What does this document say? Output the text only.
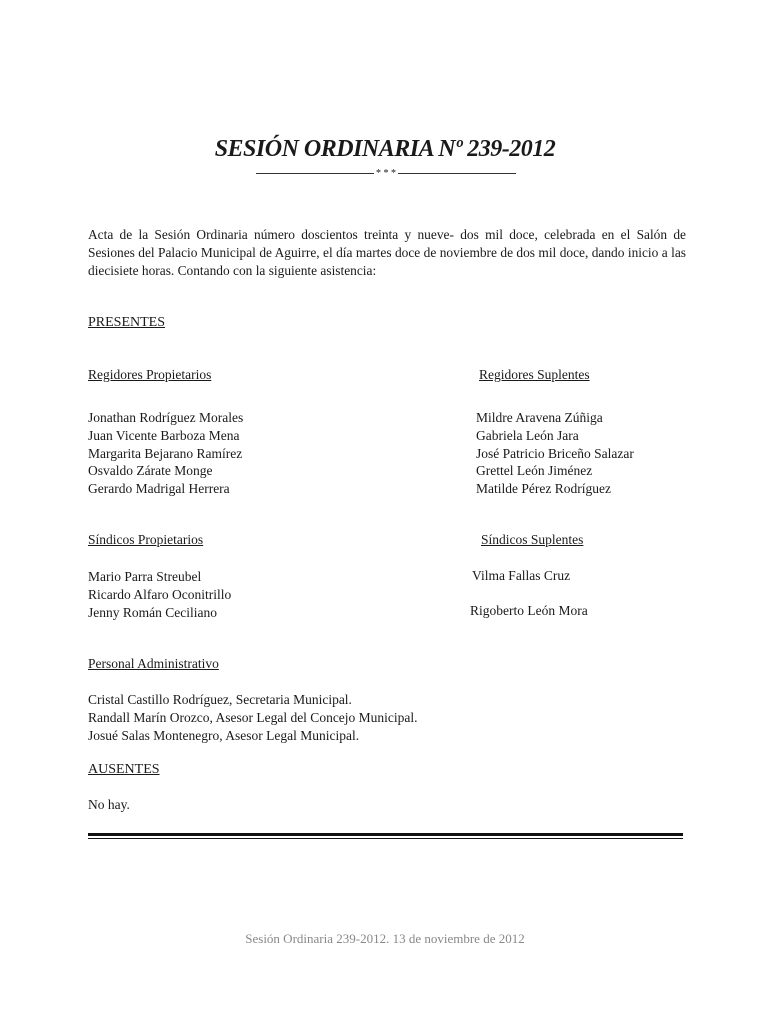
SESIÓN ORDINARIA Nº 239-2012
* * *
Acta de la Sesión Ordinaria número doscientos treinta y nueve- dos mil doce, celebrada en el Salón de Sesiones del Palacio Municipal de Aguirre, el día martes doce de noviembre de dos mil doce, dando inicio a las diecisiete horas. Contando con la siguiente asistencia:
PRESENTES
Regidores Propietarios	Regidores Suplentes
Jonathan Rodríguez Morales
Juan Vicente Barboza Mena
Margarita Bejarano Ramírez
Osvaldo Zárate Monge
Gerardo Madrigal Herrera
Mildre Aravena Zúñiga
Gabriela León Jara
José Patricio Briceño Salazar
Grettel León Jiménez
Matilde Pérez Rodríguez
Síndicos Propietarios	Síndicos Suplentes
Mario Parra Streubel
Ricardo Alfaro Oconitrillo
Jenny Román Ceciliano
Vilma Fallas Cruz
Rigoberto León Mora
Personal Administrativo
Cristal Castillo Rodríguez, Secretaria Municipal.
Randall Marín Orozco, Asesor Legal del Concejo Municipal.
Josué Salas Montenegro, Asesor Legal Municipal.
AUSENTES
No hay.
Sesión Ordinaria 239-2012. 13 de noviembre de 2012
